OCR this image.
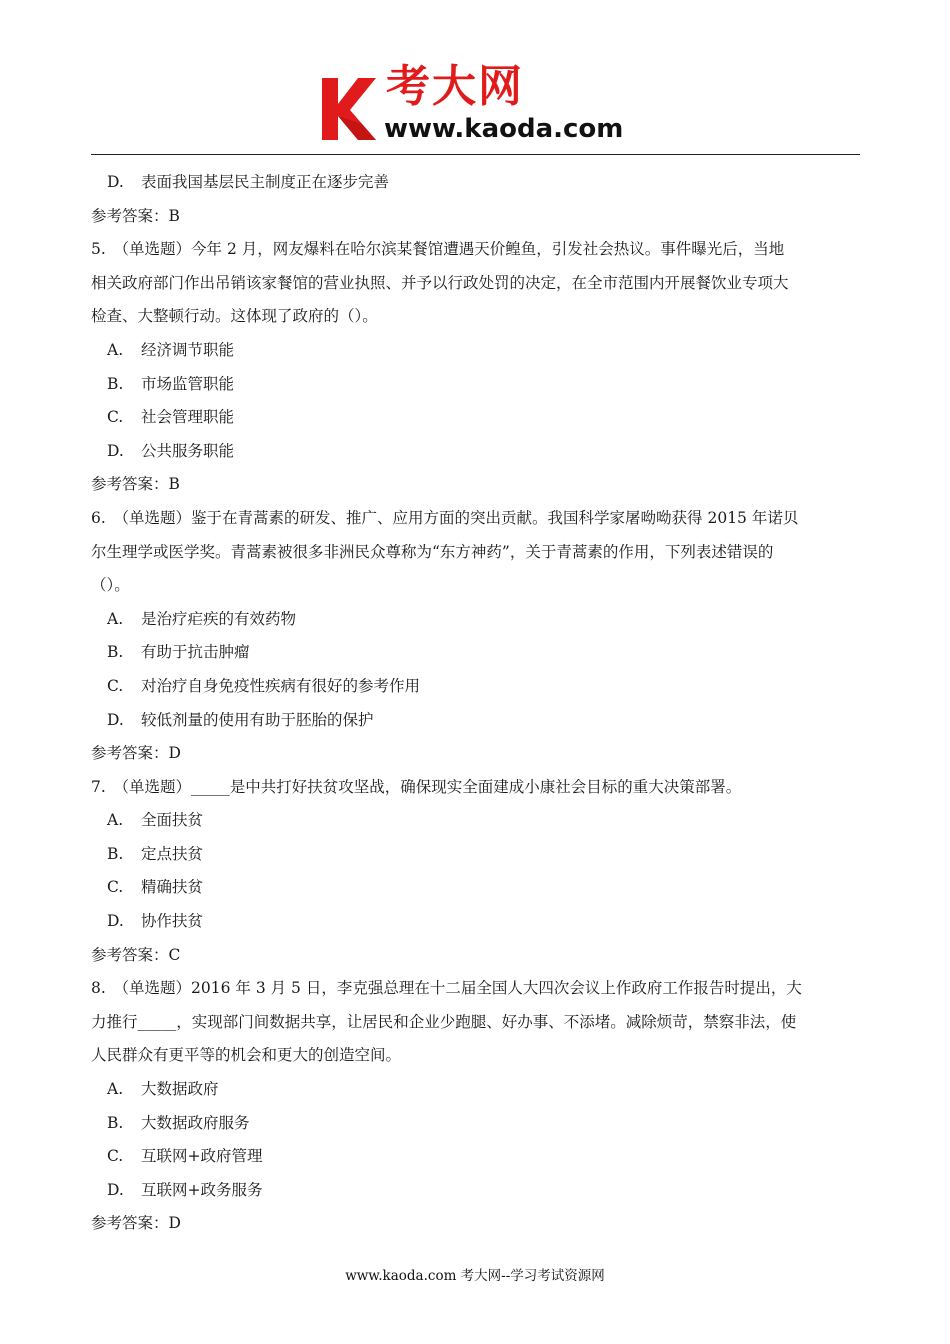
考大网
www.kaoda.com
D. 表面我国基层民主制度正在逐步完善
参考答案：B
5.　（单选题）今年 2 月，网友爆料在哈尔滨某餐馆遭遇天价鳇鱼，引发社会热议。事件曝光后，当地
相关政府部门作出吊销该家餐馆的营业执照、并予以行政处罚的决定，在全市范围内开展餐饮业专项大
检查、大整顿行动。这体现了政府的（）。
A. 经济调节职能
B. 市场监管职能
C. 社会管理职能
D. 公共服务职能
参考答案：B
6.　（单选题）鉴于在青蒿素的研发、推广、应用方面的突出贡献。我国科学家屠呦呦获得 2015 年诺贝
尔生理学或医学奖。青蒿素被很多非洲民众尊称为“东方神药”，关于青蒿素的作用，下列表述错误的
（）。
A. 是治疗疟疾的有效药物
B. 有助于抗击肿瘤
C. 对治疗自身免疫性疾病有很好的参考作用
D. 较低剂量的使用有助于胚胎的保护
参考答案：D
7.　（单选题）_____是中共打好扶贫攻坚战，确保现实全面建成小康社会目标的重大决策部署。
A. 全面扶贫
B. 定点扶贫
C. 精确扶贫
D. 协作扶贫
参考答案：C
8.　（单选题）2016 年 3 月 5 日，李克强总理在十二届全国人大四次会议上作政府工作报告时提出，大
力推行_____，实现部门间数据共享，让居民和企业少跑腿、好办事、不添堵。减除烦苛，禁察非法，使
人民群众有更平等的机会和更大的创造空间。
A. 大数据政府
B. 大数据政府服务
C. 互联网+政府管理
D. 互联网+政务服务
参考答案：D
www.kaoda.com 考大网--学习考试资源网
